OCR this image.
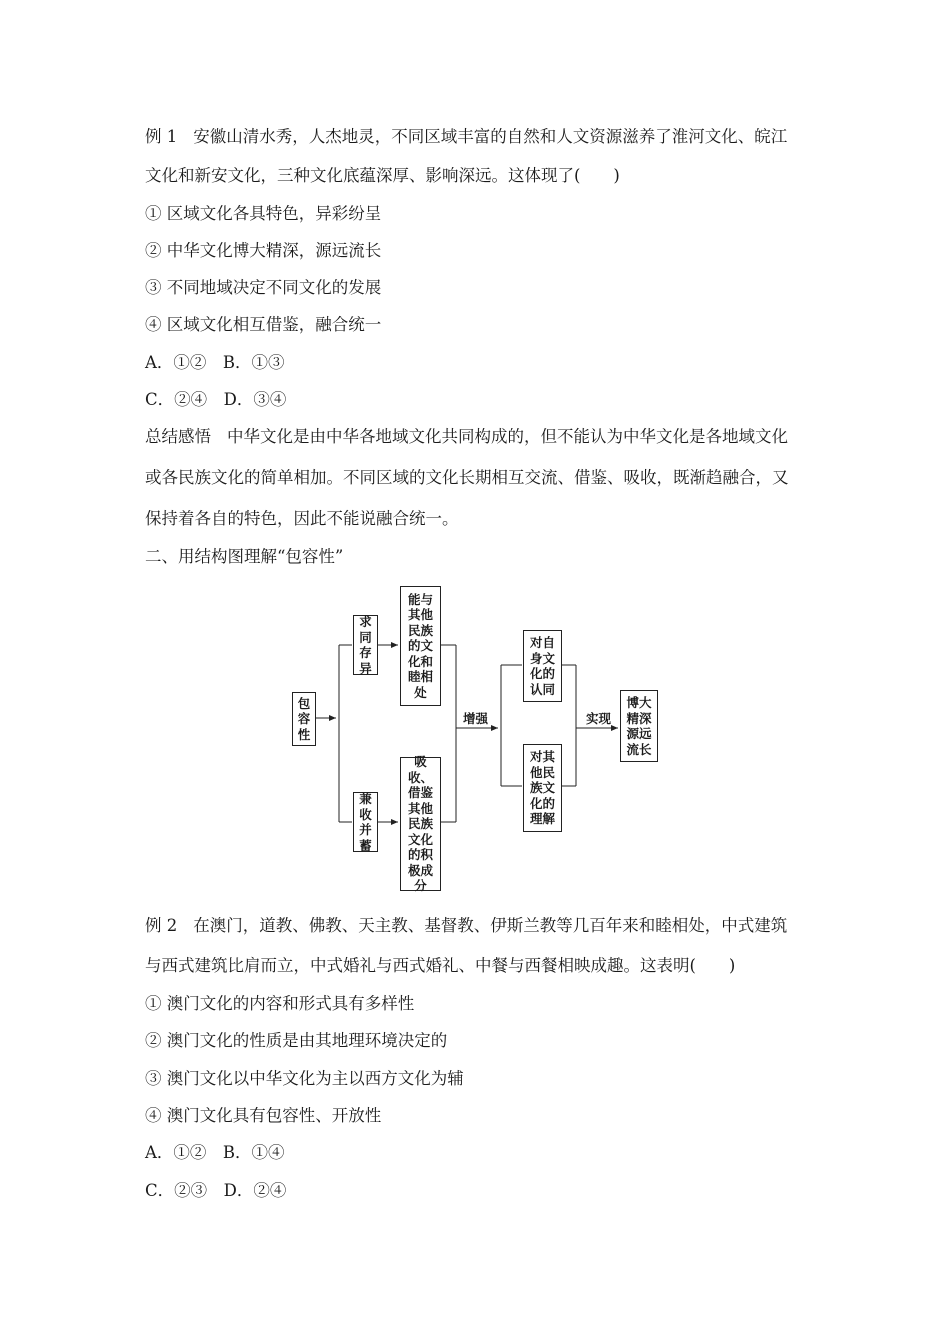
例 1 安徽山清水秀，人杰地灵，不同区域丰富的自然和人文资源滋养了淮河文化、皖江
文化和新安文化，三种文化底蕴深厚、影响深远。这体现了(　　)
① 区域文化各具特色，异彩纷呈
② 中华文化博大精深，源远流长
③ 不同地域决定不同文化的发展
④ 区域文化相互借鉴，融合统一
A．①②　B．①③
C．②④　D．③④
总结感悟 中华文化是由中华各地域文化共同构成的，但不能认为中华文化是各地域文化
或各民族文化的简单相加。不同区域的文化长期相互交流、借鉴、吸收，既渐趋融合，又
保持着各自的特色，因此不能说融合统一。
二、用结构图理解“包容性”
包容性
求同存异
兼收并蓄
能与其他民族的文化和睦相处
吸收、借鉴其他民族文化的积极成分
增强
对自身文化的认同
对其他民族文化的理解
实现
博大精深源远流长
例 2 在澳门，道教、佛教、天主教、基督教、伊斯兰教等几百年来和睦相处，中式建筑
与西式建筑比肩而立，中式婚礼与西式婚礼、中餐与西餐相映成趣。这表明(　　)
① 澳门文化的内容和形式具有多样性
② 澳门文化的性质是由其地理环境决定的
③ 澳门文化以中华文化为主以西方文化为辅
④ 澳门文化具有包容性、开放性
A．①②　B．①④
C．②③　D．②④
